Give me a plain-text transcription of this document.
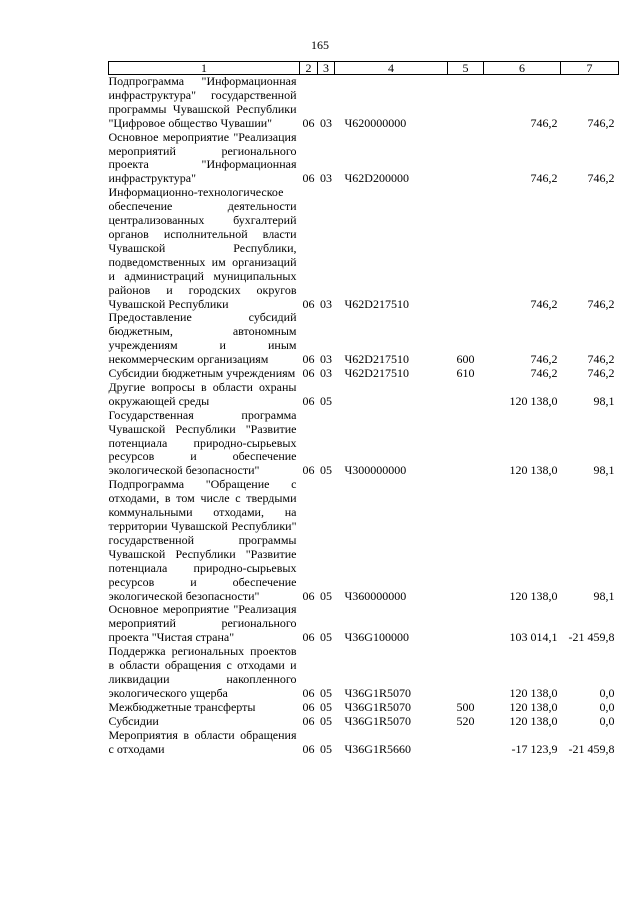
165
1	2	3	4	5	6	7
Подпрограмма "Информационная инфраструктура" государственной программы Чувашской Республики "Цифровое общество Чувашии"	06	03	Ч620000000		746,2	746,2
Основное мероприятие "Реализация мероприятий регионального проекта "Информационная инфраструктура"	06	03	Ч62D200000		746,2	746,2
Информационно-технологическое обеспечение деятельности централизованных бухгалтерий органов исполнительной власти Чувашской Республики, подведомственных им организаций и администраций муниципальных районов и городских округов Чувашской Республики	06	03	Ч62D217510		746,2	746,2
Предоставление субсидий бюджетным, автономным учреждениям и иным некоммерческим организациям	06	03	Ч62D217510	600	746,2	746,2
Субсидии бюджетным учреждениям	06	03	Ч62D217510	610	746,2	746,2
Другие вопросы в области охраны окружающей среды	06	05			120 138,0	98,1
Государственная программа Чувашской Республики "Развитие потенциала природно-сырьевых ресурсов и обеспечение экологической безопасности"	06	05	Ч300000000		120 138,0	98,1
Подпрограмма "Обращение с отходами, в том числе с твердыми коммунальными отходами, на территории Чувашской Республики" государственной программы Чувашской Республики "Развитие потенциала природно-сырьевых ресурсов и обеспечение экологической безопасности"	06	05	Ч360000000		120 138,0	98,1
Основное мероприятие "Реализация мероприятий регионального проекта "Чистая страна"	06	05	Ч36G100000		103 014,1	-21 459,8
Поддержка региональных проектов в области обращения с отходами и ликвидации накопленного экологического ущерба	06	05	Ч36G1R5070		120 138,0	0,0
Межбюджетные трансферты	06	05	Ч36G1R5070	500	120 138,0	0,0
Субсидии	06	05	Ч36G1R5070	520	120 138,0	0,0
Мероприятия в области обращения с отходами	06	05	Ч36G1R5660		-17 123,9	-21 459,8
